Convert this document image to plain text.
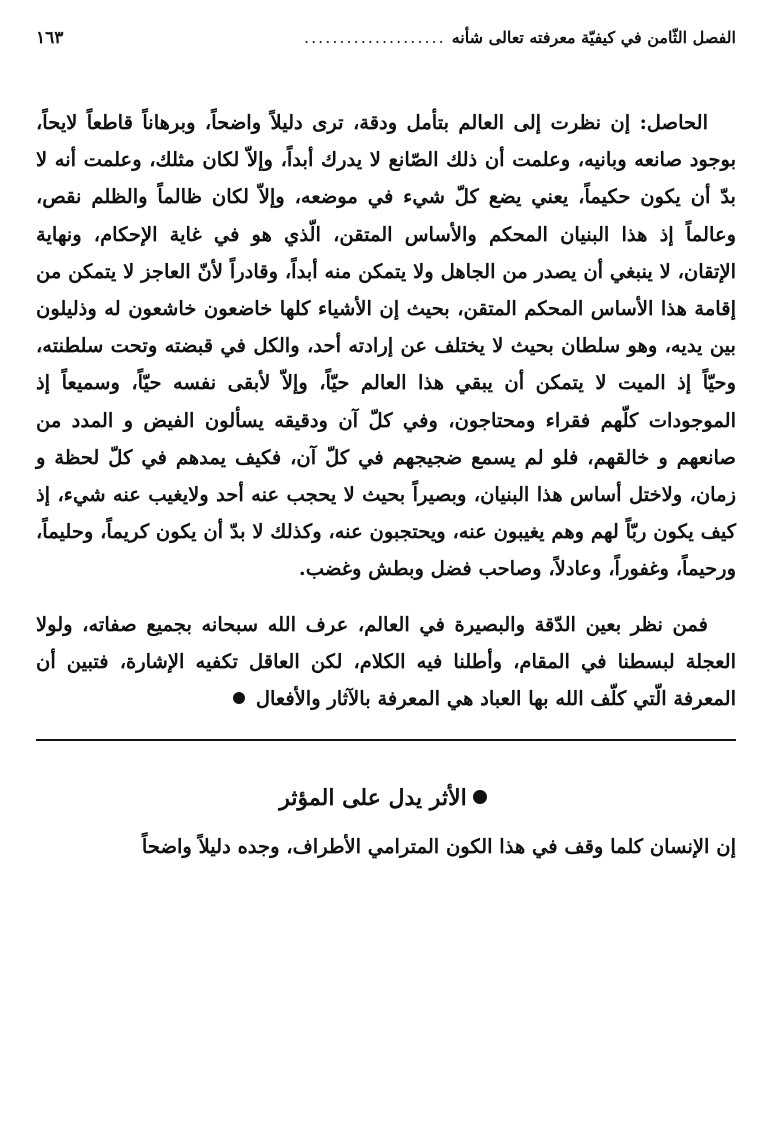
الفصل الثّامن في كيفيّة معرفته تعالى شأنه
....................
١٦٣

الحاصل: إن نظرت إلى العالم بتأمل ودقة، ترى دليلاً واضحاً، وبرهاناً قاطعاً لايحاً، بوجود صانعه وبانيه، وعلمت أن ذلك الصّانع لا يدرك أبداً، وإلاّ لكان مثلك، وعلمت أنه لا بدّ أن يكون حكيماً، يعني يضع كلّ شيء في موضعه، وإلاّ لكان ظالماً والظلم نقص، وعالماً إذ هذا البنيان المحكم والأساس المتقن، الّذي هو في غاية الإحكام، ونهاية الإتقان، لا ينبغي أن يصدر من الجاهل ولا يتمكن منه أبداً، وقادراً لأنّ العاجز لا يتمكن من إقامة هذا الأساس المحكم المتقن، بحيث إن الأشياء كلها خاضعون خاشعون له وذليلون بين يديه، وهو سلطان بحيث لا يختلف عن إرادته أحد، والكل في قبضته وتحت سلطنته، وحيّاً إذ الميت لا يتمكن أن يبقي هذا العالم حيّاً، وإلاّ لأبقى نفسه حيّاً، وسميعاً إذ الموجودات كلّهم فقراء ومحتاجون، وفي كلّ آن ودقيقه يسألون الفيض و المدد من صانعهم و خالقهم، فلو لم يسمع ضجيجهم في كلّ آن، فكيف يمدهم في كلّ لحظة و زمان، ولاختل أساس هذا البنيان، وبصيراً بحيث لا يحجب عنه أحد ولايغيب عنه شيء، إذ كيف يكون ربّاً لهم وهم يغيبون عنه، ويحتجبون عنه، وكذلك لا بدّ أن يكون كريماً، وحليماً، ورحيماً، وغفوراً، وعادلاً، وصاحب فضل وبطش وغضب.

فمن نظر بعين الدّقة والبصيرة في العالم، عرف الله سبحانه بجميع صفاته، ولولا العجلة لبسطنا في المقام، وأطلنا فيه الكلام، لكن العاقل تكفيه الإشارة، فتبين أن المعرفة الّتي كلّف الله بها العباد هي المعرفة بالآثار والأفعال

الأثر يدل على المؤثر
إن الإنسان كلما وقف في هذا الكون المترامي الأطراف، وجده دليلاً واضحاً
